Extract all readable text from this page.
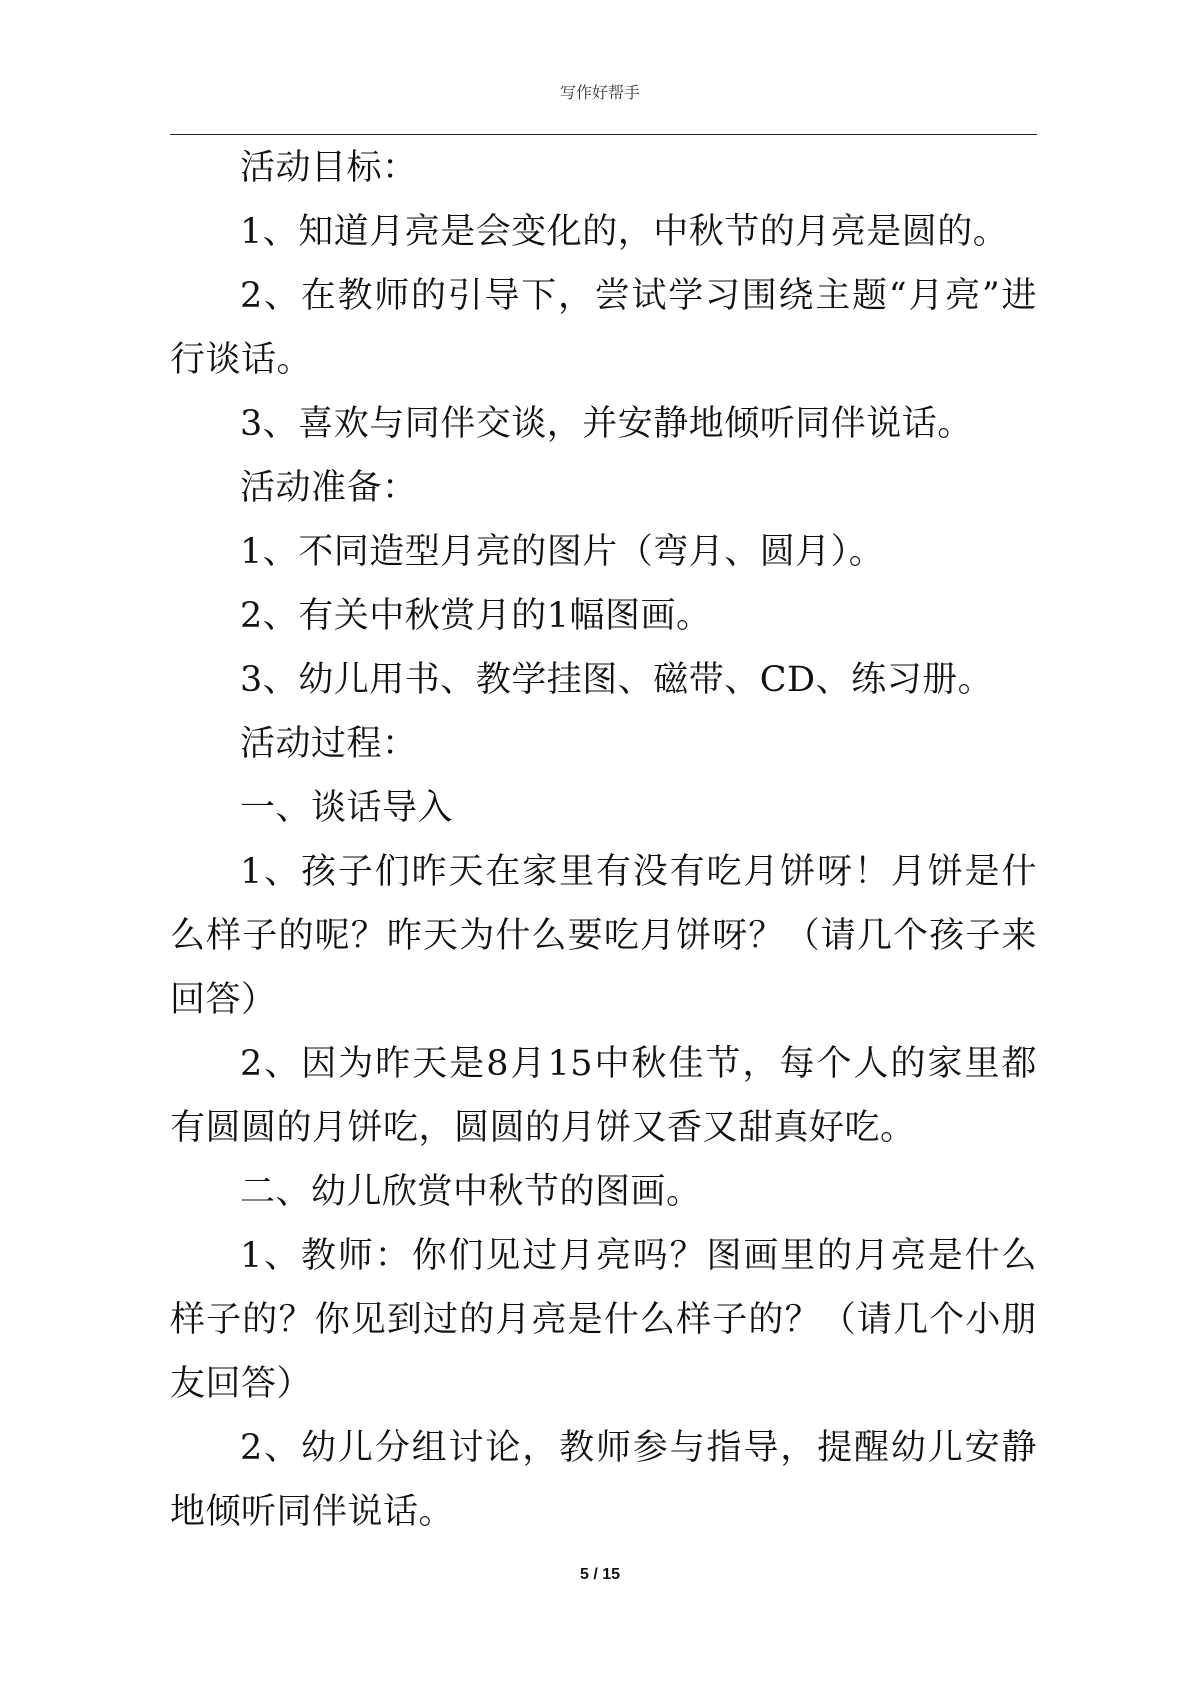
写作好帮手

活动目标：

1、知道月亮是会变化的，中秋节的月亮是圆的。

2、在教师的引导下，尝试学习围绕主题“月亮”进行谈话。

3、喜欢与同伴交谈，并安静地倾听同伴说话。

活动准备：

1、不同造型月亮的图片（弯月、圆月）。

2、有关中秋赏月的1幅图画。

3、幼儿用书、教学挂图、磁带、CD、练习册。

活动过程：

一、谈话导入

1、孩子们昨天在家里有没有吃月饼呀！月饼是什么样子的呢？昨天为什么要吃月饼呀？（请几个孩子来回答）

2、因为昨天是8月15中秋佳节，每个人的家里都有圆圆的月饼吃，圆圆的月饼又香又甜真好吃。

二、幼儿欣赏中秋节的图画。

1、教师：你们见过月亮吗？图画里的月亮是什么样子的？你见到过的月亮是什么样子的？（请几个小朋友回答）

2、幼儿分组讨论，教师参与指导，提醒幼儿安静地倾听同伴说话。

5 / 15
